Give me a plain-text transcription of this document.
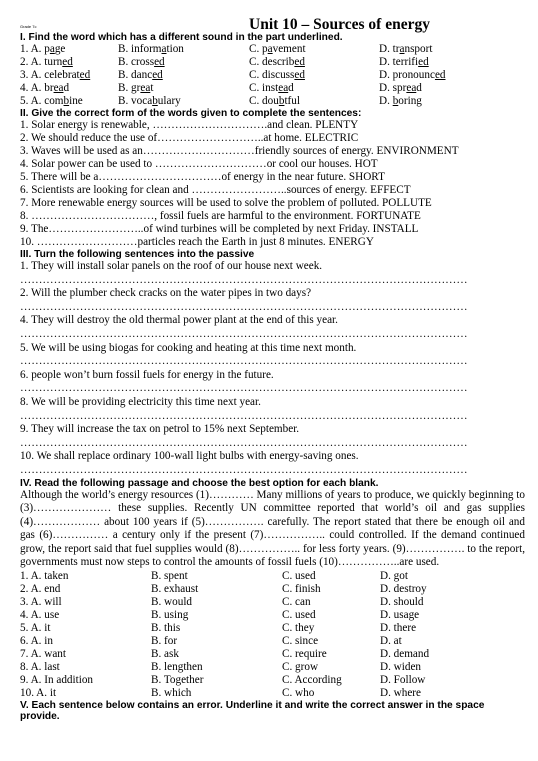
Grade 7c	Unit 10 – Sources of energy
I. Find the word which has a different sound in the part underlined.
1. A. page	B. information	C. pavement	D. transport
2. A. turned	B. crossed	C. described	D. terrified
3. A. celebrated	B. danced	C. discussed	D. pronounced
4. A. bread	B. great	C. instead	D. spread
5. A. combine	B. vocabulary	C. doubtful	D. boring
II. Give the correct form of the words given to complete the sentences:
1. Solar energy is renewable, ………………………….and clean. PLENTY
2. We should reduce the use of………………………..at home. ELECTRIC
3. Waves will be used as an…………………………friendly sources of energy. ENVIRONMENT
4. Solar power can be used to …………………………or cool our houses. HOT
5. There will be a……………………………of energy in the near future. SHORT
6. Scientists are looking for clean and ……………………..sources of energy. EFFECT
7. More renewable energy sources will be used to solve the problem of polluted. POLLUTE
8. ……………………………, fossil fuels are harmful to the environment. FORTUNATE
9. The……………………..of wind turbines will be completed by next Friday. INSTALL
10. ………………………particles reach the Earth in just 8 minutes. ENERGY
III. Turn the following sentences into the passive
1. They will install solar panels on the roof of our house next week.
…………………………………………………………………………………………………………
2. Will the plumber check cracks on the water pipes in two days?
…………………………………………………………………………………………………………
4. They will destroy the old thermal power plant at the end of this year.
…………………………………………………………………………………………………………
5. We will be using biogas for cooking and heating at this time next month.
…………………………………………………………………………………………………………
6. people won’t burn fossil fuels for energy in the future.
…………………………………………………………………………………………………………
8. We will be providing electricity this time next year.
…………………………………………………………………………………………………………
9. They will increase the tax on petrol to 15% next September.
…………………………………………………………………………………………………………
10. We shall replace ordinary 100-wall light bulbs with energy-saving ones.
…………………………………………………………………………………………………………
IV. Read the following passage and choose the best option for each blank.
Although the world’s energy resources (1)………… Many millions of years to produce, we quickly beginning to (3)………………… these supplies. Recently UN committee reported that world’s oil and gas supplies (4)……………… about 100 years if (5)……………. carefully. The report stated that there be enough oil and gas (6)…………… a century only if the present (7)…………….. could controlled. If the demand continued grow, the report said that fuel supplies would (8)…………….. for less forty years. (9)……………. to the report, governments must now steps to control the amounts of fossil fuels (10)……………..are used.
1. A. taken	B. spent	C. used	D. got
2. A. end	B. exhaust	C. finish	D. destroy
3. A. will	B. would	C. can	D. should
4. A. use	B. using	C. used	D. usage
5. A. it	B. this	C. they	D. there
6. A. in	B. for	C. since	D. at
7. A. want	B. ask	C. require	D. demand
8. A. last	B. lengthen	C. grow	D. widen
9. A. In addition	B. Together	C. According	D. Follow
10. A. it	B. which	C. who	D. where
V. Each sentence below contains an error. Underline it and write the correct answer in the space provide.
